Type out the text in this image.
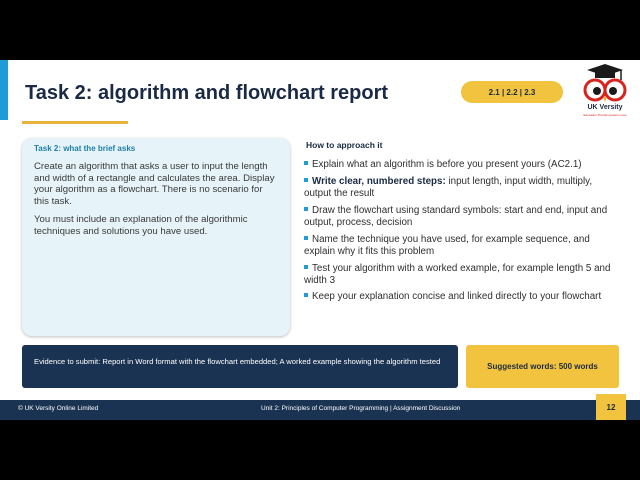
Task 2: algorithm and flowchart report	2.1 | 2.2 | 2.3
UK Versity
Education That Empowers Lives
Task 2: what the brief asks

Create an algorithm that asks a user to input the length and width of a rectangle and calculates the area. Display your algorithm as a flowchart. There is no scenario for this task.

You must include an explanation of the algorithmic techniques and solutions you have used.

How to approach it
Explain what an algorithm is before you present yours (AC2.1)
Write clear, numbered steps: input length, input width, multiply, output the result
Draw the flowchart using standard symbols: start and end, input and output, process, decision
Name the technique you have used, for example sequence, and explain why it fits this problem
Test your algorithm with a worked example, for example length 5 and width 3
Keep your explanation concise and linked directly to your flowchart
Evidence to submit: Report in Word format with the flowchart embedded; A worked example showing the algorithm tested
Suggested words: 500 words
© UK Versity Online Limited	Unit 2: Principles of Computer Programming | Assignment Discussion	12
